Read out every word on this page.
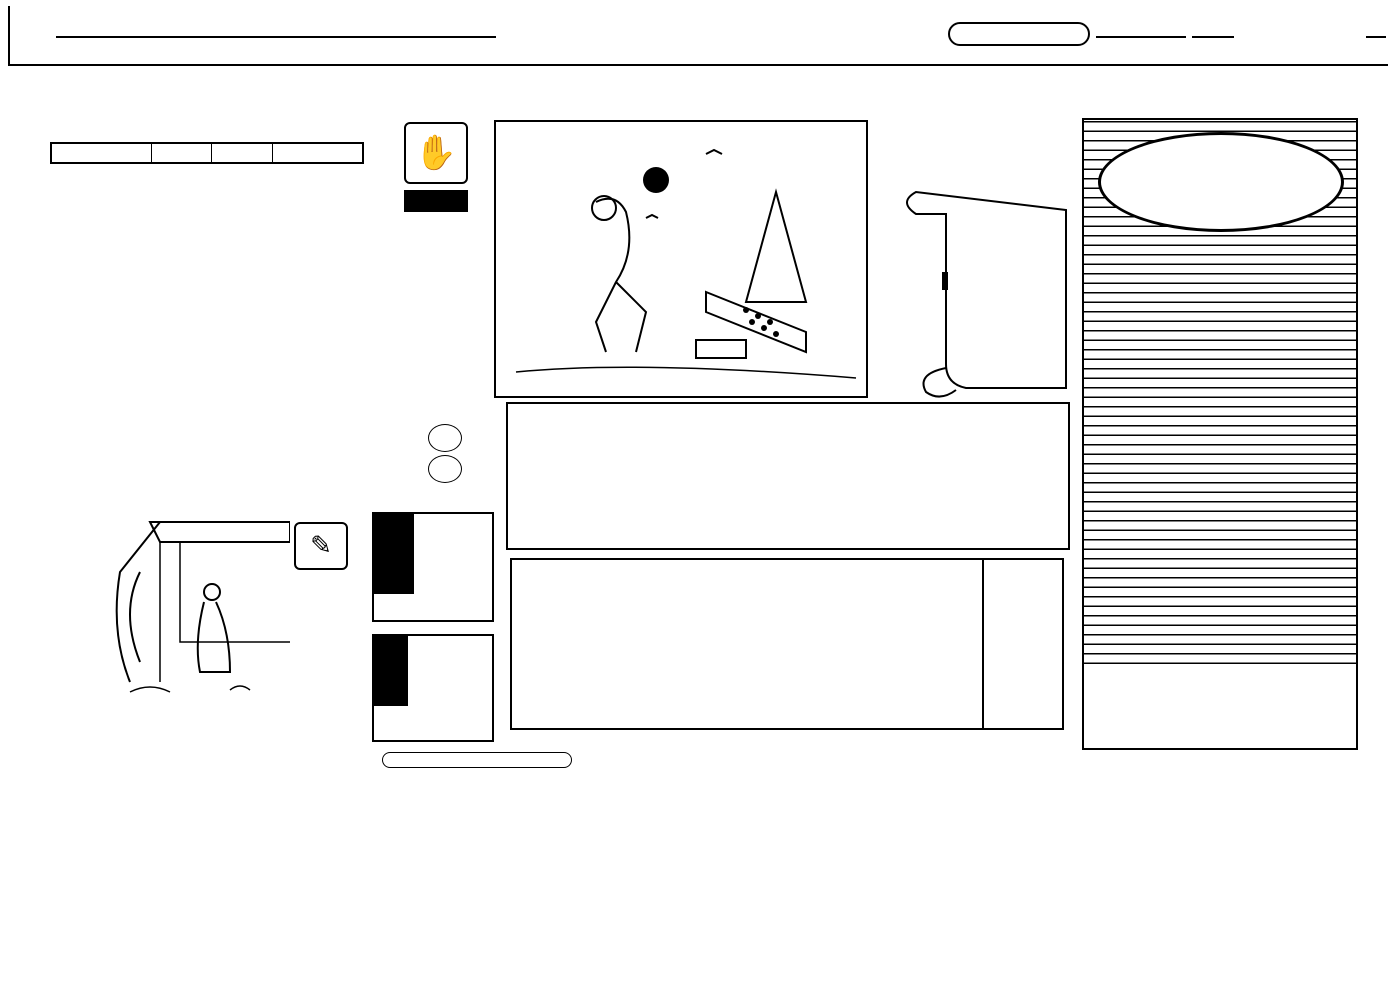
✋
✎
